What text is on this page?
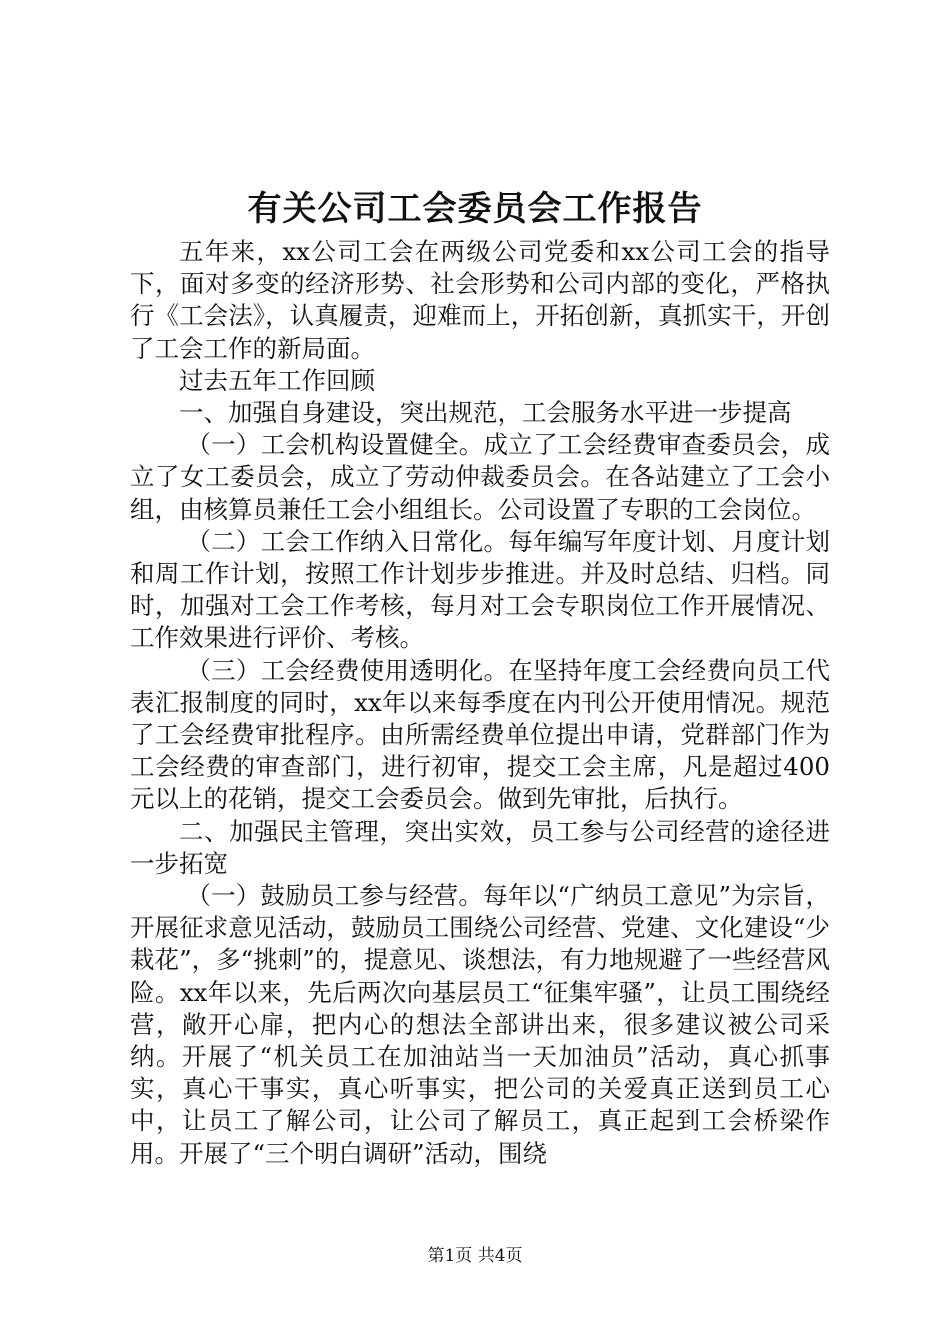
有关公司工会委员会工作报告

五年来，xx公司工会在两级公司党委和xx公司工会的指导下，面对多变的经济形势、社会形势和公司内部的变化，严格执行《工会法》，认真履责，迎难而上，开拓创新，真抓实干，开创了工会工作的新局面。

过去五年工作回顾

一、加强自身建设，突出规范，工会服务水平进一步提高

（一）工会机构设置健全。成立了工会经费审查委员会，成立了女工委员会，成立了劳动仲裁委员会。在各站建立了工会小组，由核算员兼任工会小组组长。公司设置了专职的工会岗位。

（二）工会工作纳入日常化。每年编写年度计划、月度计划和周工作计划，按照工作计划步步推进。并及时总结、归档。同时，加强对工会工作考核，每月对工会专职岗位工作开展情况、工作效果进行评价、考核。

（三）工会经费使用透明化。在坚持年度工会经费向员工代表汇报制度的同时，xx年以来每季度在内刊公开使用情况。规范了工会经费审批程序。由所需经费单位提出申请，党群部门作为工会经费的审查部门，进行初审，提交工会主席，凡是超过400元以上的花销，提交工会委员会。做到先审批，后执行。

二、加强民主管理，突出实效，员工参与公司经营的途径进一步拓宽

（一）鼓励员工参与经营。每年以“广纳员工意见”为宗旨，开展征求意见活动，鼓励员工围绕公司经营、党建、文化建设“少栽花”，多“挑刺”的，提意见、谈想法，有力地规避了一些经营风险。xx年以来，先后两次向基层员工“征集牢骚”，让员工围绕经营，敞开心扉，把内心的想法全部讲出来，很多建议被公司采纳。开展了“机关员工在加油站当一天加油员”活动，真心抓事实，真心干事实，真心听事实，把公司的关爱真正送到员工心中，让员工了解公司，让公司了解员工，真正起到工会桥梁作用。开展了“三个明白调研”活动，围绕

第1页 共4页
